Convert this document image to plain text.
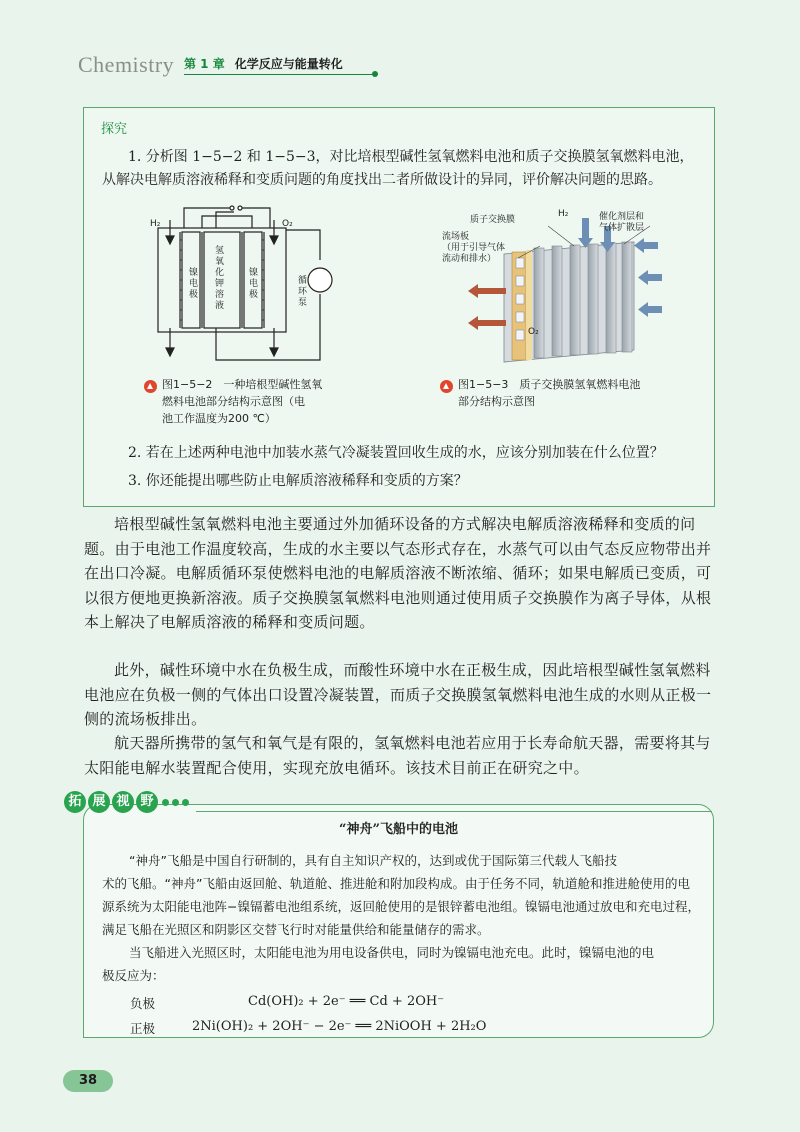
Chemistry 第 1 章 化学反应与能量转化
探究
1. 分析图 1−5−2 和 1−5−3，对比培根型碱性氢氧燃料电池和质子交换膜氢氧燃料电池，
从解决电解质溶液稀释和变质问题的角度找出二者所做设计的异同，评价解决问题的思路。
H₂	O₂
镍电极
氢氧化钾溶液
镍电极
循环泵
图1−5−2　一种培根型碱性氢氧
燃料电池部分结构示意图（电
池工作温度为200 ℃）
H₂
O₂
质子交换膜	催化剂层和
气体扩散层
流场板
（用于引导气体
流动和排水）
图1−5−3　质子交换膜氢氧燃料电池
部分结构示意图
2. 若在上述两种电池中加装水蒸气冷凝装置回收生成的水，应该分别加装在什么位置？
3. 你还能提出哪些防止电解质溶液稀释和变质的方案？
培根型碱性氢氧燃料电池主要通过外加循环设备的方式解决电解质溶液稀释和变质的问题。由于电池工作温度较高，生成的水主要以气态形式存在，水蒸气可以由气态反应物带出并在出口冷凝。电解质循环泵使燃料电池的电解质溶液不断浓缩、循环；如果电解质已变质，可以很方便地更换新溶液。质子交换膜氢氧燃料电池则通过使用质子交换膜作为离子导体，从根本上解决了电解质溶液的稀释和变质问题。
此外，碱性环境中水在负极生成，而酸性环境中水在正极生成，因此培根型碱性氢氧燃料电池应在负极一侧的气体出口设置冷凝装置，而质子交换膜氢氧燃料电池生成的水则从正极一侧的流场板排出。
航天器所携带的氢气和氧气是有限的，氢氧燃料电池若应用于长寿命航天器，需要将其与太阳能电解水装置配合使用，实现充放电循环。该技术目前正在研究之中。
“神舟”飞船中的电池
“神舟”飞船是中国自行研制的，具有自主知识产权的，达到或优于国际第三代载人飞船技
术的飞船。“神舟”飞船由返回舱、轨道舱、推进舱和附加段构成。由于任务不同，轨道舱和推进舱使用的电源系统为太阳能电池阵−镍镉蓄电池组系统，返回舱使用的是银锌蓄电池组。镍镉电池通过放电和充电过程，满足飞船在光照区和阴影区交替飞行时对能量供给和能量储存的需求。
当飞船进入光照区时，太阳能电池为用电设备供电，同时为镍镉电池充电。此时，镍镉电池的电
极反应为：
负极	Cd(OH)₂ + 2e⁻ ══ Cd + 2OH⁻
正极	2Ni(OH)₂ + 2OH⁻ − 2e⁻ ══ 2NiOOH + 2H₂O
拓 展 视 野
38
